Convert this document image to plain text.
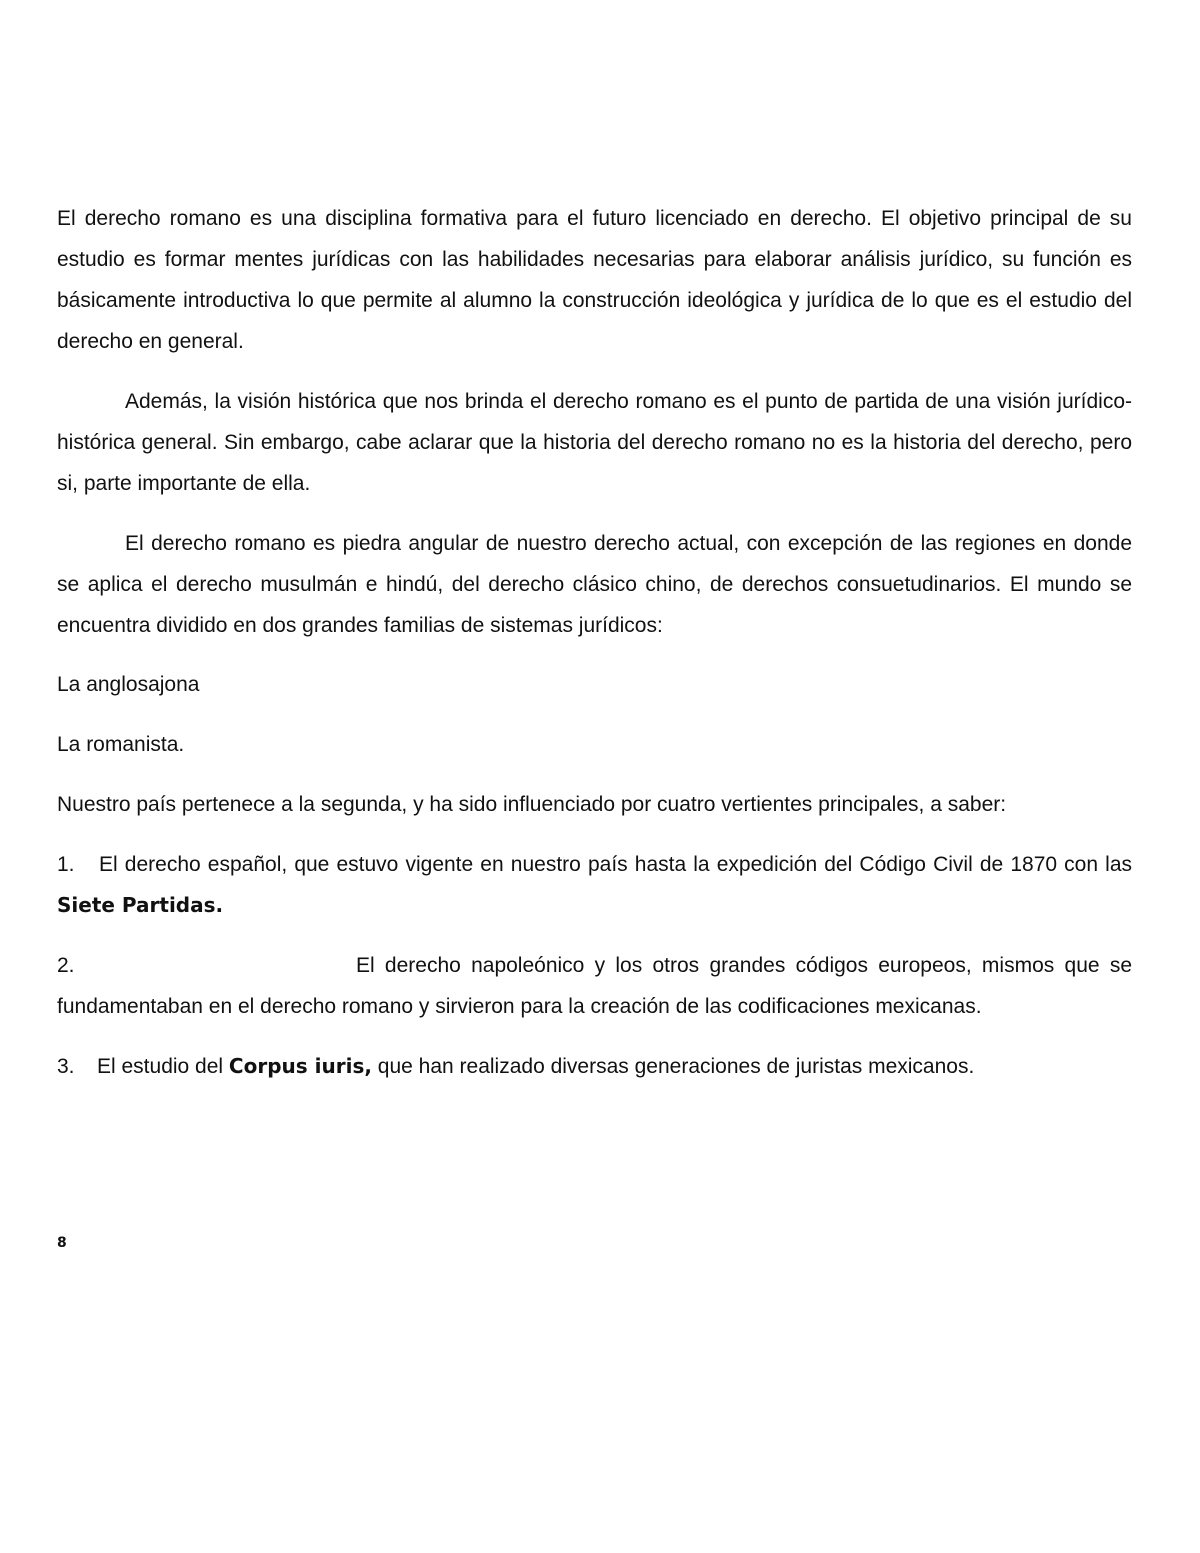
El derecho romano es una disciplina formativa para el futuro licenciado en derecho. El objetivo principal de su estudio es formar mentes jurídicas con las habilidades necesarias para elaborar análisis jurídico, su función es básicamente introductiva lo que permite al alumno la construcción ideológica y jurídica de lo que es el estudio del derecho en general.

Además, la visión histórica que nos brinda el derecho romano es el punto de partida de una visión jurídico-histórica general. Sin embargo, cabe aclarar que la historia del derecho romano no es la historia del derecho, pero si, parte importante de ella.

El derecho romano es piedra angular de nuestro derecho actual, con excepción de las regiones en donde se aplica el derecho musulmán e hindú, del derecho clásico chino, de derechos consuetudinarios. El mundo se encuentra dividido en dos grandes familias de sistemas jurídicos:

La anglosajona

La romanista.

Nuestro país pertenece a la segunda, y ha sido influenciado por cuatro vertientes principales, a saber:

1. El derecho español, que estuvo vigente en nuestro país hasta la expedición del Código Civil de 1870 con las Siete Partidas.

2.	El derecho napoleónico y los otros grandes códigos europeos, mismos que se fundamentaban en el derecho romano y sirvieron para la creación de las codificaciones mexicanas.

3. El estudio del Corpus iuris, que han realizado diversas generaciones de juristas mexicanos.

8
